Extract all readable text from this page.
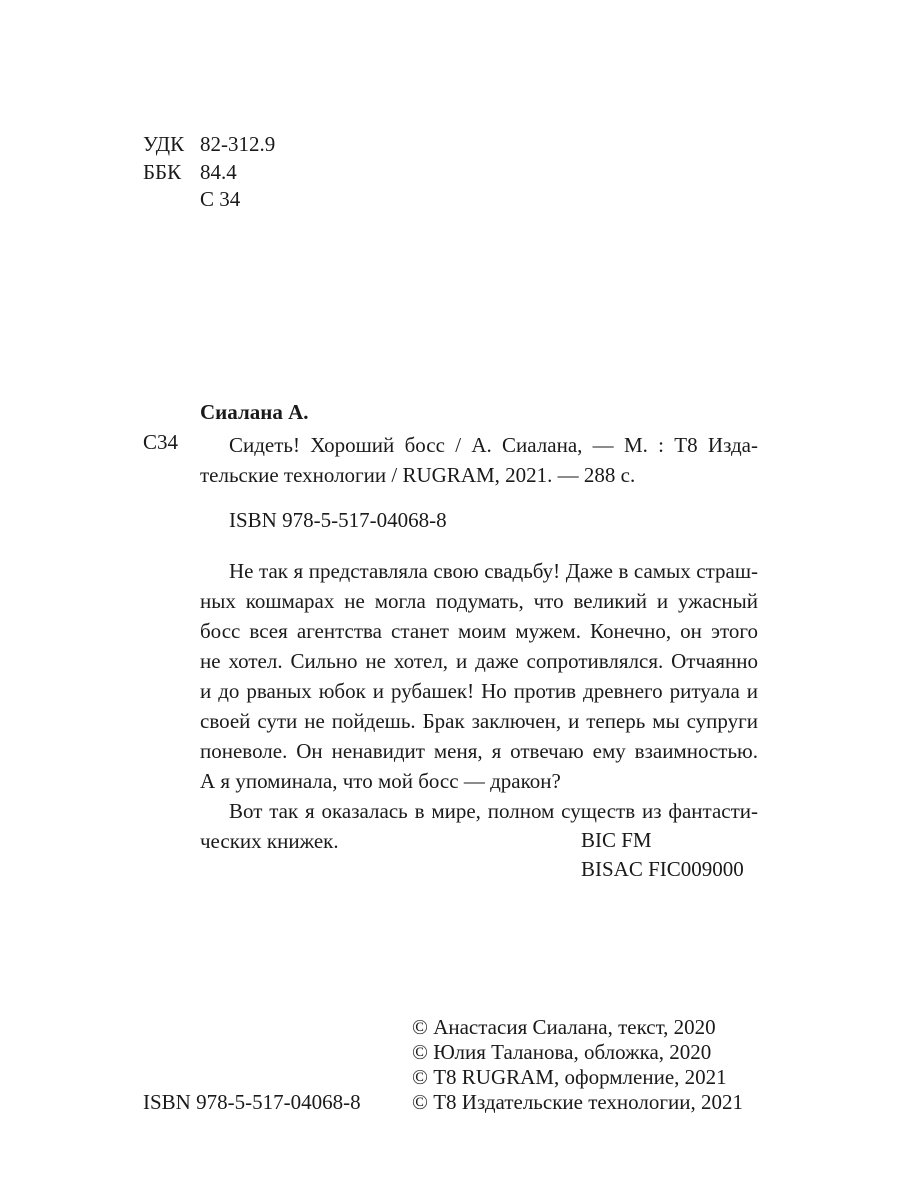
УДК 82-312.9
ББК 84.4
С 34
Сиалана А.
С34	Сидеть! Хороший босс / А. Сиалана, — М. : Т8 Изда-
тельские технологии / RUGRAM, 2021. — 288 с.
ISBN 978-5-517-04068-8
Не так я представляла свою свадьбу! Даже в самых страш-
ных кошмарах не могла подумать, что великий и ужасный
босс всея агентства станет моим мужем. Конечно, он этого
не хотел. Сильно не хотел, и даже сопротивлялся. Отчаянно
и до рваных юбок и рубашек! Но против древнего ритуала и
своей сути не пойдешь. Брак заключен, и теперь мы супруги
поневоле. Он ненавидит меня, я отвечаю ему взаимностью.
А я упоминала, что мой босс — дракон?
Вот так я оказалась в мире, полном существ из фантасти-
ческих книжек.	BIC FM
BISAC FIC009000
© Анастасия Сиалана, текст, 2020
© Юлия Таланова, обложка, 2020
© Т8 RUGRAM, оформление, 2021
© Т8 Издательские технологии, 2021
ISBN 978-5-517-04068-8
